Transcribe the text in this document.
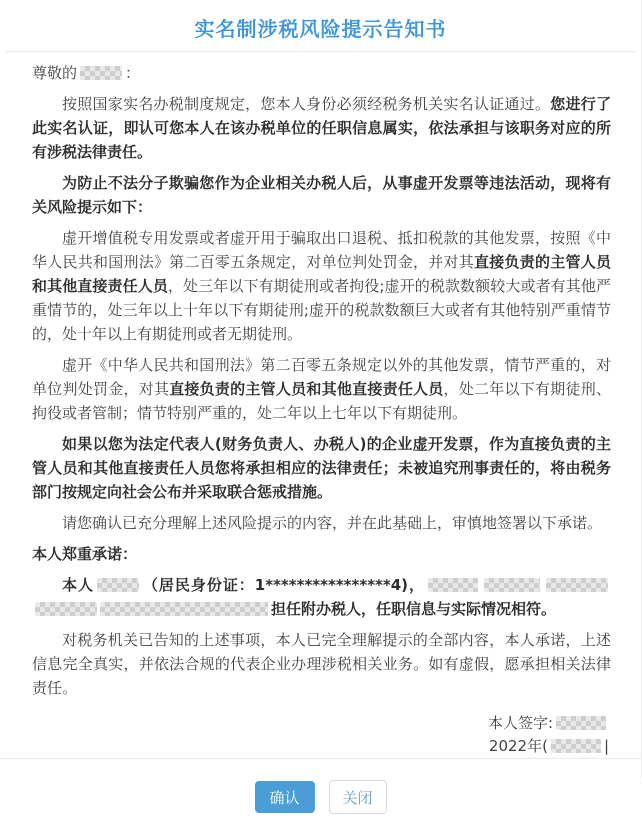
实名制涉税风险提示告知书

尊敬的	：

按照国家实名办税制度规定，您本人身份必须经税务机关实名认证通过。您进行了此实名认证，即认可您本人在该办税单位的任职信息属实，依法承担与该职务对应的所有涉税法律责任。

为防止不法分子欺骗您作为企业相关办税人后，从事虚开发票等违法活动，现将有关风险提示如下：

虚开增值税专用发票或者虚开用于骗取出口退税、抵扣税款的其他发票，按照《中华人民共和国刑法》第二百零五条规定，对单位判处罚金，并对其直接负责的主管人员和其他直接责任人员，处三年以下有期徒刑或者拘役;虚开的税款数额较大或者有其他严重情节的，处三年以上十年以下有期徒刑;虚开的税款数额巨大或者有其他特别严重情节的，处十年以上有期徒刑或者无期徒刑。

虚开《中华人民共和国刑法》第二百零五条规定以外的其他发票，情节严重的，对单位判处罚金，对其直接负责的主管人员和其他直接责任人员，处二年以下有期徒刑、拘役或者管制；情节特别严重的，处二年以上七年以下有期徒刑。

如果以您为法定代表人(财务负责人、办税人)的企业虚开发票，作为直接负责的主管人员和其他直接责任人员您将承担相应的法律责任；未被追究刑事责任的，将由税务部门按规定向社会公布并采取联合惩戒措施。

请您确认已充分理解上述风险提示的内容，并在此基础上，审慎地签署以下承诺。

本人郑重承诺：

本人	（居民身份证：1****************4)，担任附办税人，任职信息与实际情况相符。

对税务机关已告知的上述事项，本人已完全理解提示的全部内容，本人承诺，上述信息完全真实，并依法合规的代表企业办理涉税相关业务。如有虚假，愿承担相关法律责任。

本人签字:
2022年(	|
确认	关闭
